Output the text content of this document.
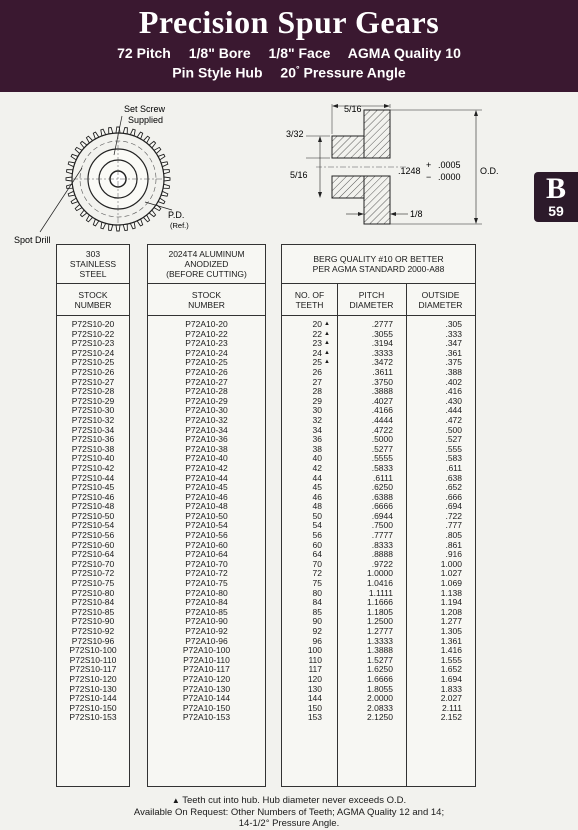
Precision Spur Gears
72 Pitch 1/8" Bore 1/8" Face AGMA Quality 10
Pin Style Hub 20° Pressure Angle
B
59
Set Screw
Supplied
P.D.
(Ref.)
Spot Drill
5/16
3/32
5/16	.1248
+ .0005
− .0000
O.D.
1/8
303
STAINLESS
STEEL
STOCK
NUMBER
P72S10-20
P72S10-22
P72S10-23
P72S10-24
P72S10-25
P72S10-26
P72S10-27
P72S10-28
P72S10-29
P72S10-30
P72S10-32
P72S10-34
P72S10-36
P72S10-38
P72S10-40
P72S10-42
P72S10-44
P72S10-45
P72S10-46
P72S10-48
P72S10-50
P72S10-54
P72S10-56
P72S10-60
P72S10-64
P72S10-70
P72S10-72
P72S10-75
P72S10-80
P72S10-84
P72S10-85
P72S10-90
P72S10-92
P72S10-96
P72S10-100
P72S10-110
P72S10-117
P72S10-120
P72S10-130
P72S10-144
P72S10-150
P72S10-153
2024T4 ALUMINUM
ANODIZED
(BEFORE CUTTING)
STOCK
NUMBER
P72A10-20
P72A10-22
P72A10-23
P72A10-24
P72A10-25
P72A10-26
P72A10-27
P72A10-28
P72A10-29
P72A10-30
P72A10-32
P72A10-34
P72A10-36
P72A10-38
P72A10-40
P72A10-42
P72A10-44
P72A10-45
P72A10-46
P72A10-48
P72A10-50
P72A10-54
P72A10-56
P72A10-60
P72A10-64
P72A10-70
P72A10-72
P72A10-75
P72A10-80
P72A10-84
P72A10-85
P72A10-90
P72A10-92
P72A10-96
P72A10-100
P72A10-110
P72A10-117
P72A10-120
P72A10-130
P72A10-144
P72A10-150
P72A10-153
BERG QUALITY #10 OR BETTER
PER AGMA STANDARD 2000-A88
NO. OF
TEETH
PITCH
DIAMETER
OUTSIDE
DIAMETER
20 ▲
22 ▲
23 ▲
24 ▲
25 ▲
26
27
28
29
30
32
34
36
38
40
42
44
45
46
48
50
54
56
60
64
70
72
75
80
84
85
90
92
96
100
110
117
120
130
144
150
153
.2777
.3055
.3194
.3333
.3472
.3611
.3750
.3888
.4027
.4166
.4444
.4722
.5000
.5277
.5555
.5833
.6111
.6250
.6388
.6666
.6944
.7500
.7777
.8333
.8888
.9722
1.0000
1.0416
1.1111
1.1666
1.1805
1.2500
1.2777
1.3333
1.3888
1.5277
1.6250
1.6666
1.8055
2.0000
2.0833
2.1250
.305
.333
.347
.361
.375
.388
.402
.416
.430
.444
.472
.500
.527
.555
.583
.611
.638
.652
.666
.694
.722
.777
.805
.861
.916
1.000
1.027
1.069
1.138
1.194
1.208
1.277
1.305
1.361
1.416
1.555
1.652
1.694
1.833
2.027
2.111
2.152
▲ Teeth cut into hub. Hub diameter never exceeds O.D.
Available On Request: Other Numbers of Teeth; AGMA Quality 12 and 14;
14-1/2° Pressure Angle.
